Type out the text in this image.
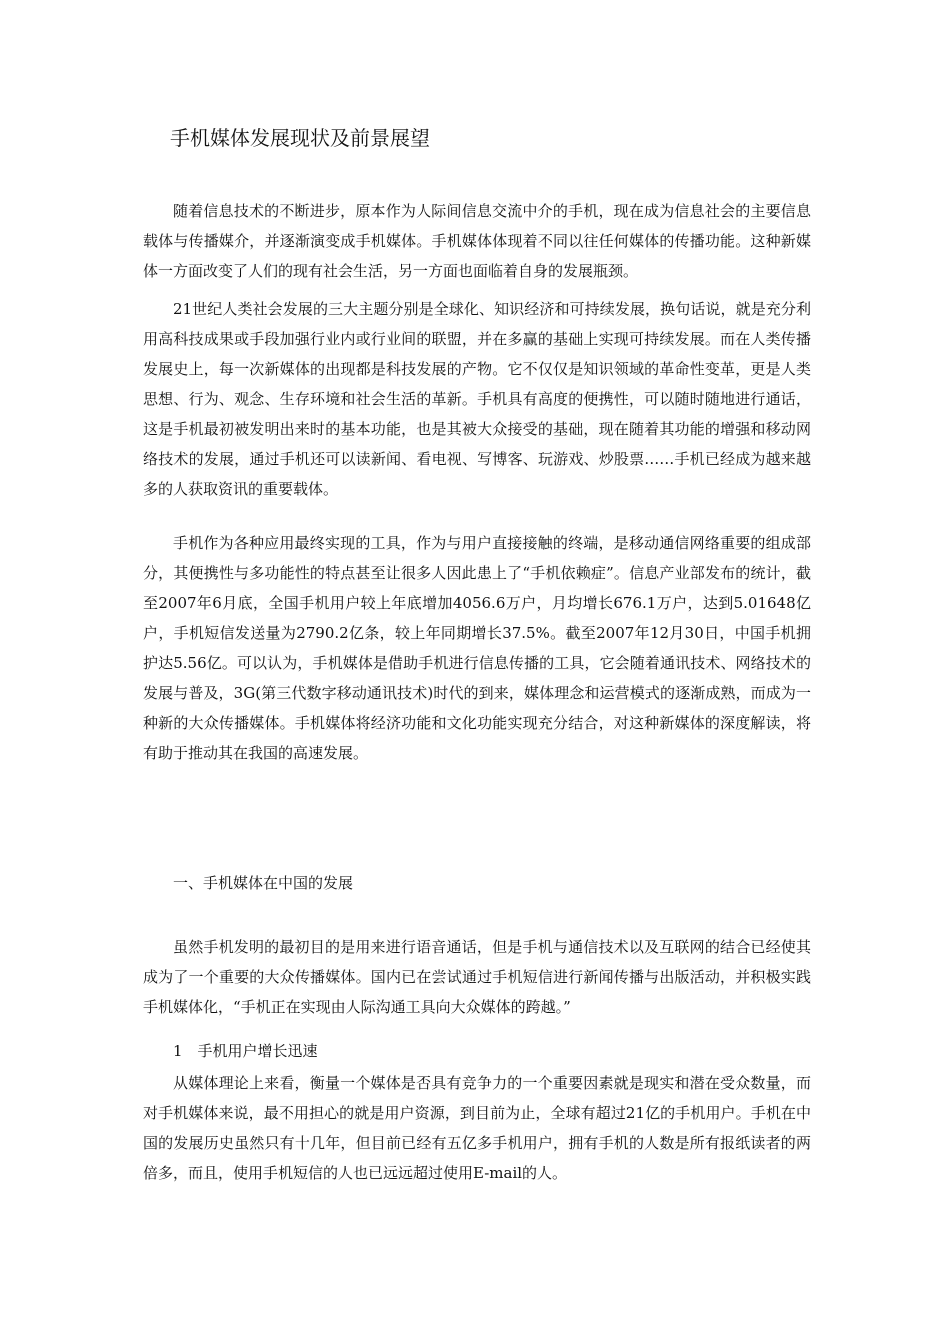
手机媒体发展现状及前景展望

随着信息技术的不断进步，原本作为人际间信息交流中介的手机，现在成为信息社会的主要信息载体与传播媒介，并逐渐演变成手机媒体。手机媒体体现着不同以往任何媒体的传播功能。这种新媒体一方面改变了人们的现有社会生活，另一方面也面临着自身的发展瓶颈。

21世纪人类社会发展的三大主题分别是全球化、知识经济和可持续发展，换句话说，就是充分利用高科技成果或手段加强行业内或行业间的联盟，并在多赢的基础上实现可持续发展。而在人类传播发展史上，每一次新媒体的出现都是科技发展的产物。它不仅仅是知识领域的革命性变革，更是人类思想、行为、观念、生存环境和社会生活的革新。手机具有高度的便携性，可以随时随地进行通话，这是手机最初被发明出来时的基本功能，也是其被大众接受的基础，现在随着其功能的增强和移动网络技术的发展，通过手机还可以读新闻、看电视、写博客、玩游戏、炒股票……手机已经成为越来越多的人获取资讯的重要载体。

手机作为各种应用最终实现的工具，作为与用户直接接触的终端，是移动通信网络重要的组成部分，其便携性与多功能性的特点甚至让很多人因此患上了“手机依赖症”。信息产业部发布的统计，截至2007年6月底，全国手机用户较上年底增加4056.6万户，月均增长676.1万户，达到5.01648亿户，手机短信发送量为2790.2亿条，较上年同期增长37.5%。截至2007年12月30日，中国手机拥护达5.56亿。可以认为，手机媒体是借助手机进行信息传播的工具，它会随着通讯技术、网络技术的发展与普及，3G(第三代数字移动通讯技术)时代的到来，媒体理念和运营模式的逐渐成熟，而成为一种新的大众传播媒体。手机媒体将经济功能和文化功能实现充分结合，对这种新媒体的深度解读，将有助于推动其在我国的高速发展。

一、手机媒体在中国的发展

虽然手机发明的最初目的是用来进行语音通话，但是手机与通信技术以及互联网的结合已经使其成为了一个重要的大众传播媒体。国内已在尝试通过手机短信进行新闻传播与出版活动，并积极实践手机媒体化，“手机正在实现由人际沟通工具向大众媒体的跨越。”

1　手机用户增长迅速

从媒体理论上来看，衡量一个媒体是否具有竞争力的一个重要因素就是现实和潜在受众数量，而对手机媒体来说，最不用担心的就是用户资源，到目前为止，全球有超过21亿的手机用户。手机在中国的发展历史虽然只有十几年，但目前已经有五亿多手机用户，拥有手机的人数是所有报纸读者的两倍多，而且，使用手机短信的人也已远远超过使用E-mail的人。
